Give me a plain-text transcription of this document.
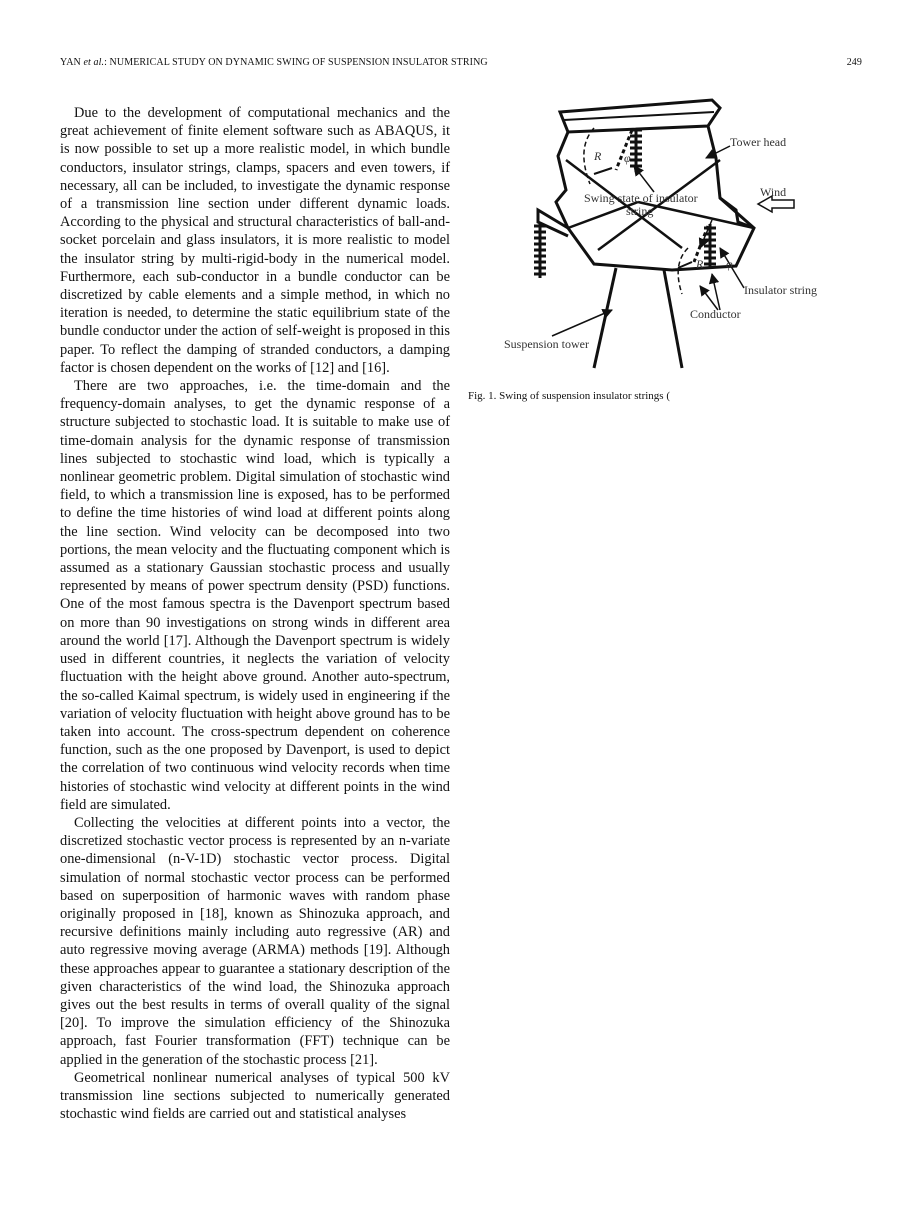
YAN et al.: NUMERICAL STUDY ON DYNAMIC SWING OF SUSPENSION INSULATOR STRING	249

Due to the development of computational mechanics and the great achievement of finite element software such as ABAQUS, it is now possible to set up a more realistic model, in which bundle conductors, insulator strings, clamps, spacers and even towers, if necessary, all can be included, to investigate the dynamic response of a transmission line section under different dynamic loads. According to the physical and structural characteristics of ball-and-socket porcelain and glass insulators, it is more realistic to model the insulator string by multi-rigid-body in the numerical model. Furthermore, each sub-conductor in a bundle conductor can be discretized by cable elements and a simple method, in which no iteration is needed, to determine the static equilibrium state of the bundle conductor under the action of self-weight is proposed in this paper. To reflect the damping of stranded conductors, a damping factor is chosen dependent on the works of [12] and [16].

There are two approaches, i.e. the time-domain and the frequency-domain analyses, to get the dynamic response of a structure subjected to stochastic load. It is suitable to make use of time-domain analysis for the dynamic response of transmission lines subjected to stochastic wind load, which is typically a nonlinear geometric problem. Digital simulation of stochastic wind field, to which a transmission line is exposed, has to be performed to define the time histories of wind load at different points along the line section. Wind velocity can be decomposed into two portions, the mean velocity and the fluctuating component which is assumed as a stationary Gaussian stochastic process and usually represented by means of power spectrum density (PSD) functions. One of the most famous spectra is the Davenport spectrum based on more than 90 investigations on strong winds in different area around the world [17]. Although the Davenport spectrum is widely used in different countries, it neglects the variation of velocity fluctuation with the height above ground. Another auto-spectrum, the so-called Kaimal spectrum, is widely used in engineering if the variation of velocity fluctuation with height above ground has to be taken into account. The cross-spectrum dependent on coherence function, such as the one proposed by Davenport, is used to depict the correlation of two continuous wind velocity records when time histories of stochastic wind velocity at different points in the wind field are simulated.

Collecting the velocities at different points into a vector, the discretized stochastic vector process is represented by an n-variate one-dimensional (n-V-1D) stochastic vector process. Digital simulation of normal stochastic vector process can be performed based on superposition of harmonic waves with random phase originally proposed in [18], known as Shinozuka approach, and recursive definitions mainly including auto regressive (AR) and auto regressive moving average (ARMA) methods [19]. Although these approaches appear to guarantee a stationary description of the given characteristics of the wind load, the Shinozuka approach gives out the best results in terms of overall quality of the signal [20]. To improve the simulation efficiency of the Shinozuka approach, fast Fourier transformation (FFT) technique can be applied in the generation of the stochastic process [21].

Geometrical nonlinear numerical analyses of typical 500 kV transmission line sections subjected to numerically generated stochastic wind fields are carried out and statistical analyses

Tower head
Wind
Swing state of insulator
string
Insulator string
Conductor
Suspension tower
R φ
R φ
Fig. 1. Swing of suspension insulator strings (
